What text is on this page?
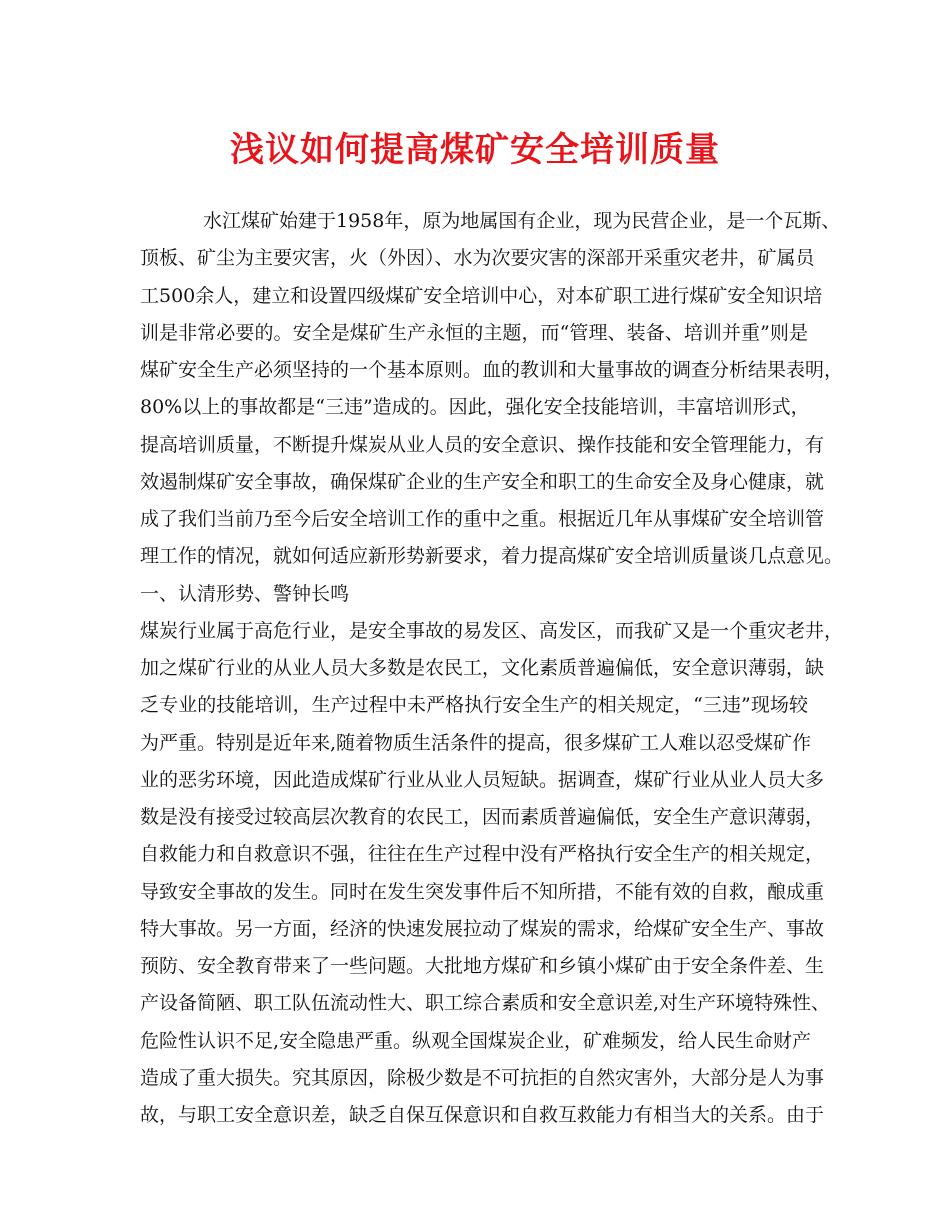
浅议如何提高煤矿安全培训质量
水江煤矿始建于1958年，原为地属国有企业，现为民营企业，是一个瓦斯、
顶板、矿尘为主要灾害，火（外因）、水为次要灾害的深部开采重灾老井，矿属员
工500余人，建立和设置四级煤矿安全培训中心，对本矿职工进行煤矿安全知识培
训是非常必要的。安全是煤矿生产永恒的主题，而“管理、装备、培训并重”则是
煤矿安全生产必须坚持的一个基本原则。血的教训和大量事故的调查分析结果表明，
80%以上的事故都是“三违”造成的。因此，强化安全技能培训，丰富培训形式，
提高培训质量，不断提升煤炭从业人员的安全意识、操作技能和安全管理能力，有
效遏制煤矿安全事故，确保煤矿企业的生产安全和职工的生命安全及身心健康，就
成了我们当前乃至今后安全培训工作的重中之重。根据近几年从事煤矿安全培训管
理工作的情况，就如何适应新形势新要求，着力提高煤矿安全培训质量谈几点意见。
一、认清形势、警钟长鸣
煤炭行业属于高危行业，是安全事故的易发区、高发区，而我矿又是一个重灾老井，
加之煤矿行业的从业人员大多数是农民工，文化素质普遍偏低，安全意识薄弱，缺
乏专业的技能培训，生产过程中未严格执行安全生产的相关规定，“三违”现场较
为严重。特别是近年来,随着物质生活条件的提高，很多煤矿工人难以忍受煤矿作
业的恶劣环境，因此造成煤矿行业从业人员短缺。据调查，煤矿行业从业人员大多
数是没有接受过较高层次教育的农民工，因而素质普遍偏低，安全生产意识薄弱，
自救能力和自救意识不强，往往在生产过程中没有严格执行安全生产的相关规定，
导致安全事故的发生。同时在发生突发事件后不知所措，不能有效的自救，酿成重
特大事故。另一方面，经济的快速发展拉动了煤炭的需求，给煤矿安全生产、事故
预防、安全教育带来了一些问题。大批地方煤矿和乡镇小煤矿由于安全条件差、生
产设备简陋、职工队伍流动性大、职工综合素质和安全意识差,对生产环境特殊性、
危险性认识不足,安全隐患严重。纵观全国煤炭企业，矿难频发，给人民生命财产
造成了重大损失。究其原因，除极少数是不可抗拒的自然灾害外，大部分是人为事
故，与职工安全意识差，缺乏自保互保意识和自救互救能力有相当大的关系。由于
